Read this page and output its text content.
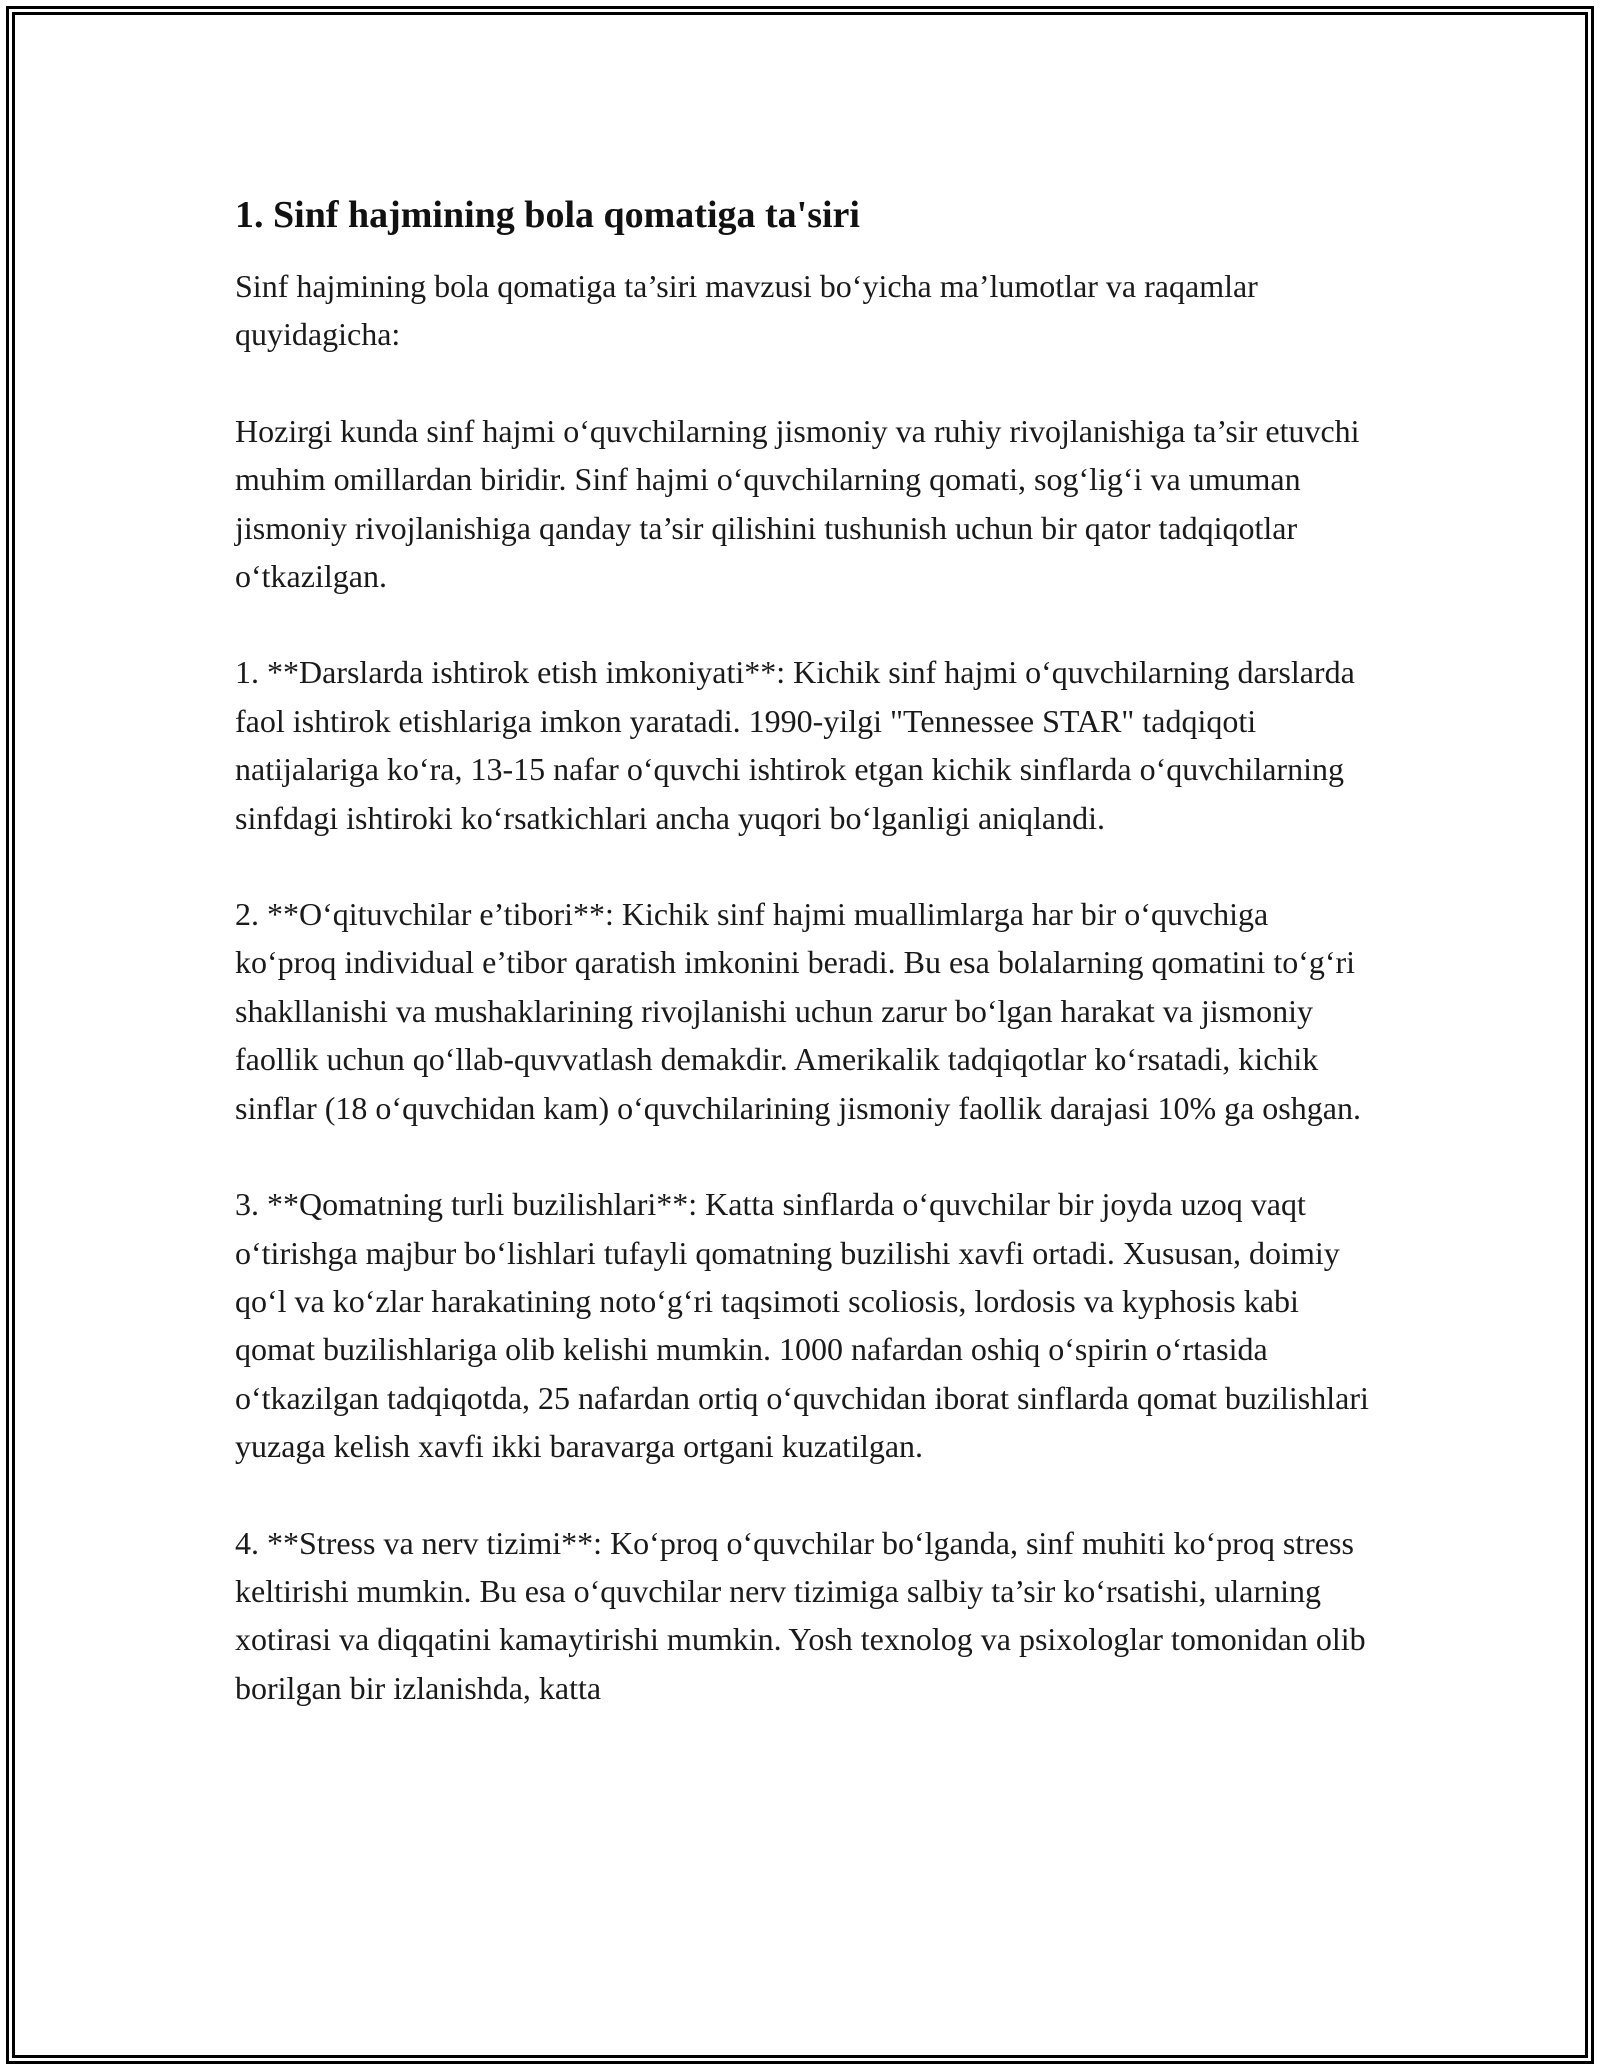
1. Sinf hajmining bola qomatiga ta'siri

Sinf hajmining bola qomatiga ta’siri mavzusi bo‘yicha ma’lumotlar va raqamlar quyidagicha:

Hozirgi kunda sinf hajmi o‘quvchilarning jismoniy va ruhiy rivojlanishiga ta’sir etuvchi muhim omillardan biridir. Sinf hajmi o‘quvchilarning qomati, sog‘lig‘i va umuman jismoniy rivojlanishiga qanday ta’sir qilishini tushunish uchun bir qator tadqiqotlar o‘tkazilgan.

1. **Darslarda ishtirok etish imkoniyati**: Kichik sinf hajmi o‘quvchilarning darslarda faol ishtirok etishlariga imkon yaratadi. 1990-yilgi "Tennessee STAR" tadqiqoti natijalariga ko‘ra, 13-15 nafar o‘quvchi ishtirok etgan kichik sinflarda o‘quvchilarning sinfdagi ishtiroki ko‘rsatkichlari ancha yuqori bo‘lganligi aniqlandi.

2. **O‘qituvchilar e’tibori**: Kichik sinf hajmi muallimlarga har bir o‘quvchiga ko‘proq individual e’tibor qaratish imkonini beradi. Bu esa bolalarning qomatini to‘g‘ri shakllanishi va mushaklarining rivojlanishi uchun zarur bo‘lgan harakat va jismoniy faollik uchun qo‘llab-quvvatlash demakdir. Amerikalik tadqiqotlar ko‘rsatadi, kichik sinflar (18 o‘quvchidan kam) o‘quvchilarining jismoniy faollik darajasi 10% ga oshgan.

3. **Qomatning turli buzilishlari**: Katta sinflarda o‘quvchilar bir joyda uzoq vaqt o‘tirishga majbur bo‘lishlari tufayli qomatning buzilishi xavfi ortadi. Xususan, doimiy qo‘l va ko‘zlar harakatining noto‘g‘ri taqsimoti scoliosis, lordosis va kyphosis kabi qomat buzilishlariga olib kelishi mumkin. 1000 nafardan oshiq o‘spirin o‘rtasida o‘tkazilgan tadqiqotda, 25 nafardan ortiq o‘quvchidan iborat sinflarda qomat buzilishlari yuzaga kelish xavfi ikki baravarga ortgani kuzatilgan.

4. **Stress va nerv tizimi**: Ko‘proq o‘quvchilar bo‘lganda, sinf muhiti ko‘proq stress keltirishi mumkin. Bu esa o‘quvchilar nerv tizimiga salbiy ta’sir ko‘rsatishi, ularning xotirasi va diqqatini kamaytirishi mumkin. Yosh texnolog va psixologlar tomonidan olib borilgan bir izlanishda, katta
